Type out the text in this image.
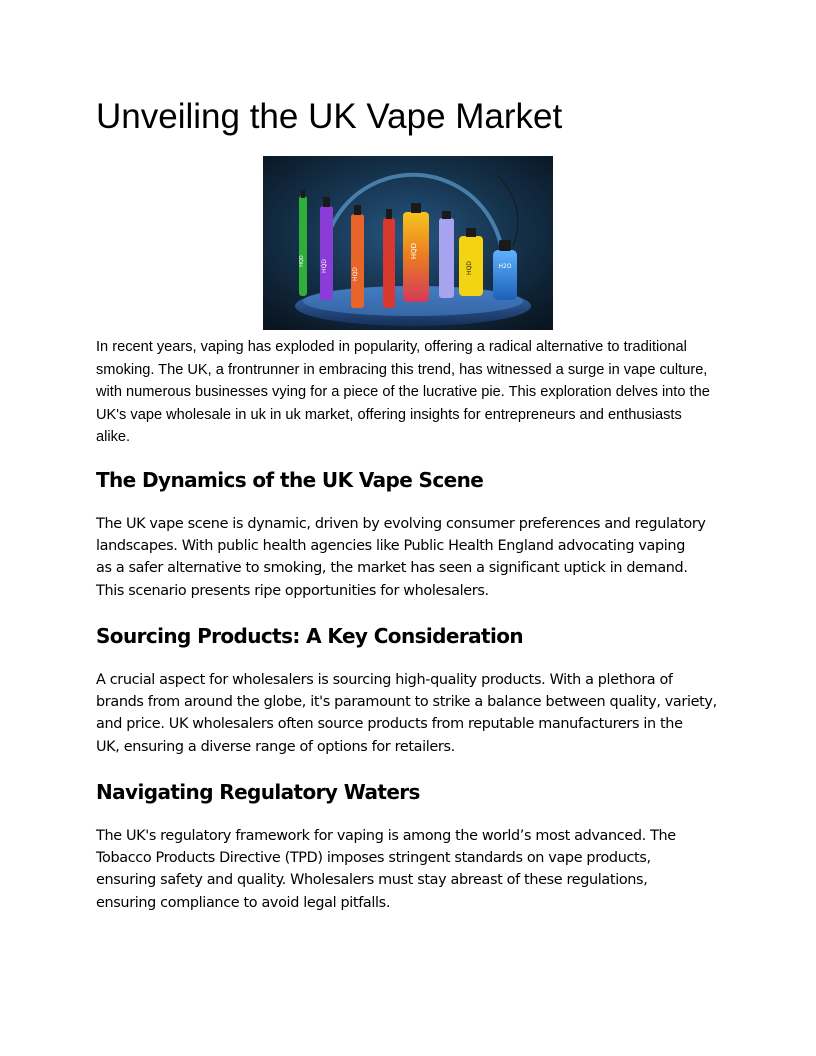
Unveiling the UK Vape Market
HQD	HQD
HQD
HQD
HQD	H2O

In recent years, vaping has exploded in popularity, offering a radical alternative to traditional
smoking. The UK, a frontrunner in embracing this trend, has witnessed a surge in vape culture,
with numerous businesses vying for a piece of the lucrative pie. This exploration delves into the
UK's vape wholesale in uk in uk market, offering insights for entrepreneurs and enthusiasts
alike.

The Dynamics of the UK Vape Scene

The UK vape scene is dynamic, driven by evolving consumer preferences and regulatory
landscapes. With public health agencies like Public Health England advocating vaping
as a safer alternative to smoking, the market has seen a significant uptick in demand.
This scenario presents ripe opportunities for wholesalers.

Sourcing Products: A Key Consideration

A crucial aspect for wholesalers is sourcing high-quality products. With a plethora of
brands from around the globe, it's paramount to strike a balance between quality, variety,
and price. UK wholesalers often source products from reputable manufacturers in the
UK, ensuring a diverse range of options for retailers.

Navigating Regulatory Waters

The UK's regulatory framework for vaping is among the world’s most advanced. The
Tobacco Products Directive (TPD) imposes stringent standards on vape products,
ensuring safety and quality. Wholesalers must stay abreast of these regulations,
ensuring compliance to avoid legal pitfalls.
